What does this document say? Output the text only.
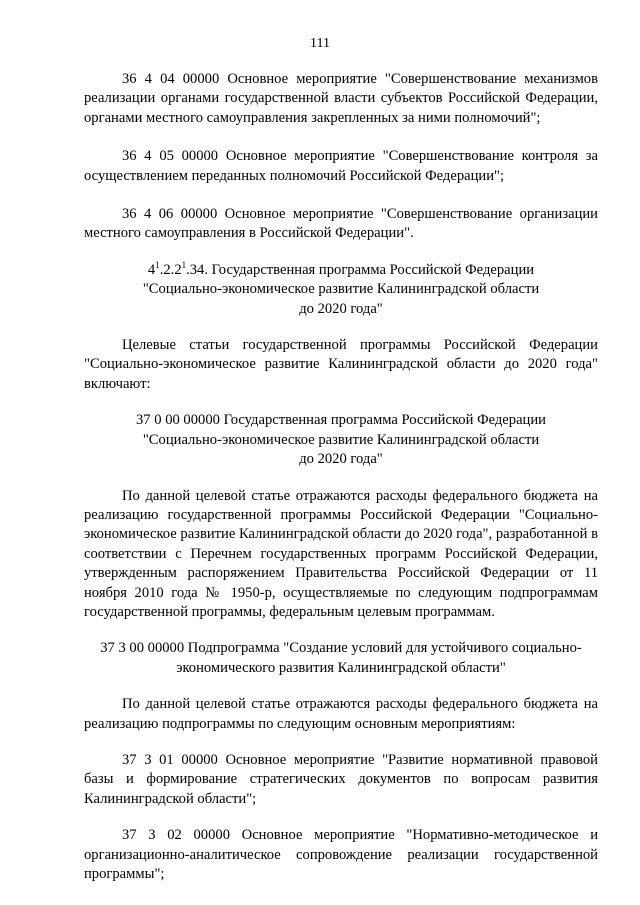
111

36 4 04 00000 Основное мероприятие "Совершенствование механизмов реализации органами государственной власти субъектов Российской Федерации, органами местного самоуправления закрепленных за ними полномочий";

36 4 05 00000 Основное мероприятие "Совершенствование контроля за осуществлением переданных полномочий Российской Федерации";

36 4 06 00000 Основное мероприятие "Совершенствование организации местного самоуправления в Российской Федерации".

$4^1.2.2^1.34$. Государственная программа Российской Федерации
"Социально-экономическое развитие Калининградской области
до 2020 года"

Целевые статьи государственной программы Российской Федерации "Социально-экономическое развитие Калининградской области до 2020 года" включают:

37 0 00 00000 Государственная программа Российской Федерации
"Социально-экономическое развитие Калининградской области
до 2020 года"

По данной целевой статье отражаются расходы федерального бюджета на реализацию государственной программы Российской Федерации "Социально-экономическое развитие Калининградской области до 2020 года", разработанной в соответствии с Перечнем государственных программ Российской Федерации, утвержденным распоряжением Правительства Российской Федерации от 11 ноября 2010 года № 1950-р, осуществляемые по следующим подпрограммам государственной программы, федеральным целевым программам.

37 3 00 00000 Подпрограмма "Создание условий для устойчивого социально-
экономического развития Калининградской области"

По данной целевой статье отражаются расходы федерального бюджета на реализацию подпрограммы по следующим основным мероприятиям:

37 3 01 00000 Основное мероприятие "Развитие нормативной правовой базы и формирование стратегических документов по вопросам развития Калининградской области";

37 3 02 00000 Основное мероприятие "Нормативно-методическое и организационно-аналитическое сопровождение реализации государственной программы";
